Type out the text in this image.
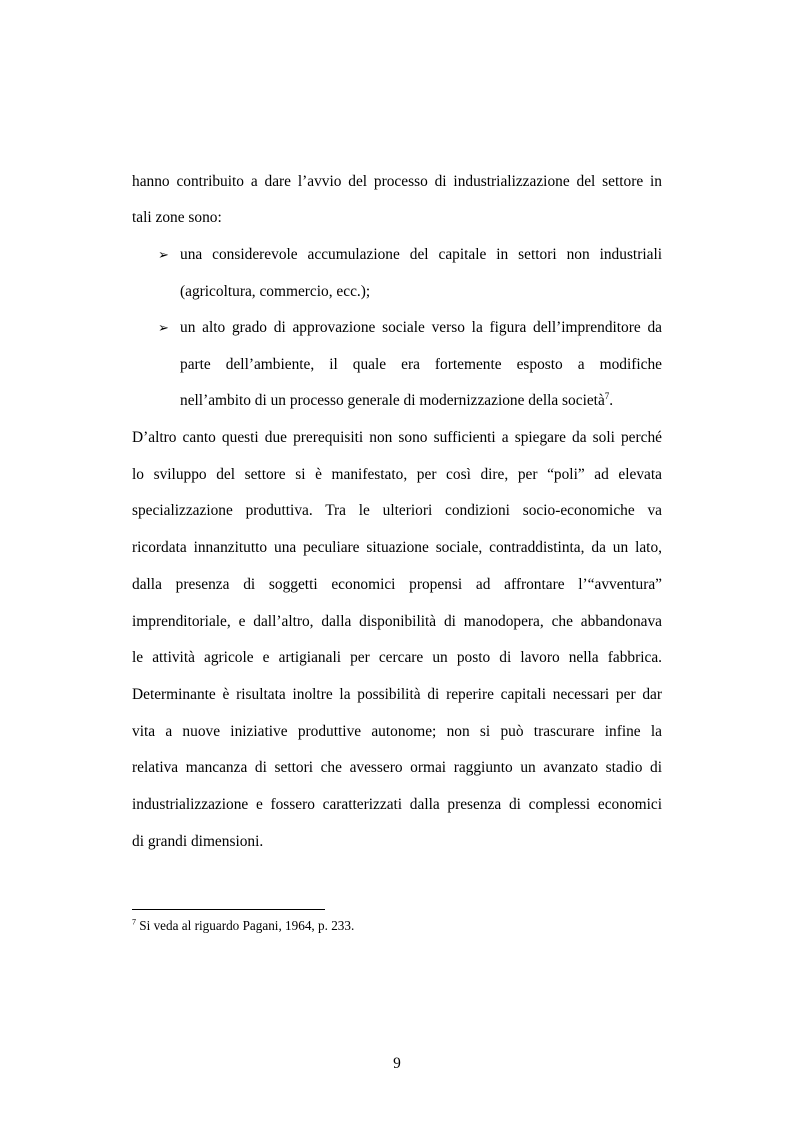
hanno contribuito a dare l’avvio del processo di industrializzazione del settore in
tali zone sono:
➢ una considerevole accumulazione del capitale in settori non industriali
(agricoltura, commercio, ecc.);
➢ un alto grado di approvazione sociale verso la figura dell’imprenditore da
parte dell’ambiente, il quale era fortemente esposto a modifiche
nell’ambito di un processo generale di modernizzazione della società$^7$.
D’altro canto questi due prerequisiti non sono sufficienti a spiegare da soli perché
lo sviluppo del settore si è manifestato, per così dire, per “poli” ad elevata
specializzazione produttiva. Tra le ulteriori condizioni socio-economiche va
ricordata innanzitutto una peculiare situazione sociale, contraddistinta, da un lato,
dalla presenza di soggetti economici propensi ad affrontare l’“avventura”
imprenditoriale, e dall’altro, dalla disponibilità di manodopera, che abbandonava
le attività agricole e artigianali per cercare un posto di lavoro nella fabbrica.
Determinante è risultata inoltre la possibilità di reperire capitali necessari per dar
vita a nuove iniziative produttive autonome; non si può trascurare infine la
relativa mancanza di settori che avessero ormai raggiunto un avanzato stadio di
industrializzazione e fossero caratterizzati dalla presenza di complessi economici
di grandi dimensioni.
$^7$ Si veda al riguardo Pagani, 1964, p. 233.
9
